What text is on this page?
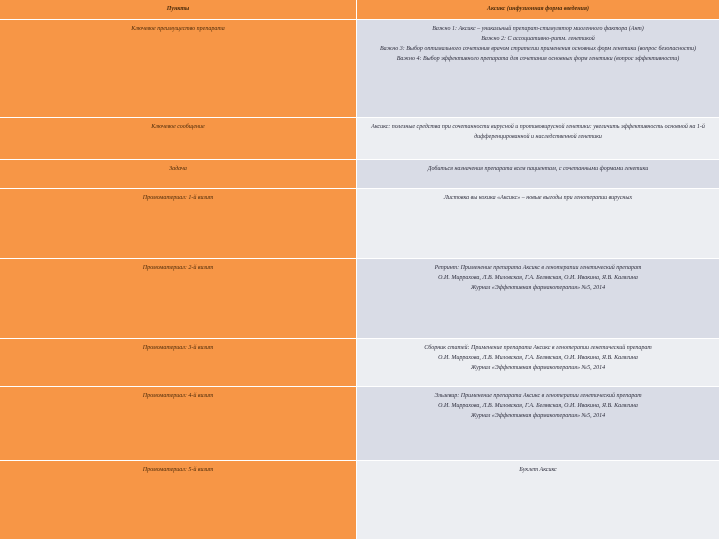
Пункты	Аксикс (инфузионная форма введения)
Ключевое преимущество препарата	Важно 1: Аксикс – уникальный препарат-стимулятор миогенного фактора (Ант)
Важно 2: С ассоциативно-ритм. генетикой
Важно 3: Выбор оптимального сочетания врачом стратегии применения основных форм генетики (вопрос безопасности)
Важно 4: Выбор эффективного препарата для сочетания основных форм генетики (вопрос эффективности)
Ключевое сообщение	Аксикс: полезные средства при сочетанности вирусной и противовирусной генетики: увеличить эффективность основной на 1-й дифференцированной и наследственной генетики
Задача	Добиться назначения препарата всем пациентам, с сочетанными формами генетики
Промоматериал: 1-й визит	Листовка вы кохика «Аксикс» – новые выгоды при генотерапии вирусных
Промоматериал: 2-й визит	Репринт: Применение препарата Аксикс в генотерапии генетический препарат
О.И. Миррахова, Л.В. Миловская, Г.А. Белявская, О.И. Ивакина, Я.В. Калягина
Журнал «Эффективная фармакотерапия» №5, 2014
Промоматериал: 3-й визит	Сборник статей: Применение препарата Аксикс в генотерапии генетический препарат
О.И. Миррахова, Л.В. Миловская, Г.А. Белявская, О.И. Ивакина, Я.В. Калягина
Журнал «Эффективная фармакотерапия» №5, 2014
Промоматериал: 4-й визит	Эльзевир: Применение препарата Аксикс в генотерапии генетический препарат
О.И. Миррахова, Л.В. Миловская, Г.А. Белявская, О.И. Ивакина, Я.В. Калягина
Журнал «Эффективная фармакотерапия» №5, 2014
Промоматериал: 5-й визит	Буклет Аксикс
